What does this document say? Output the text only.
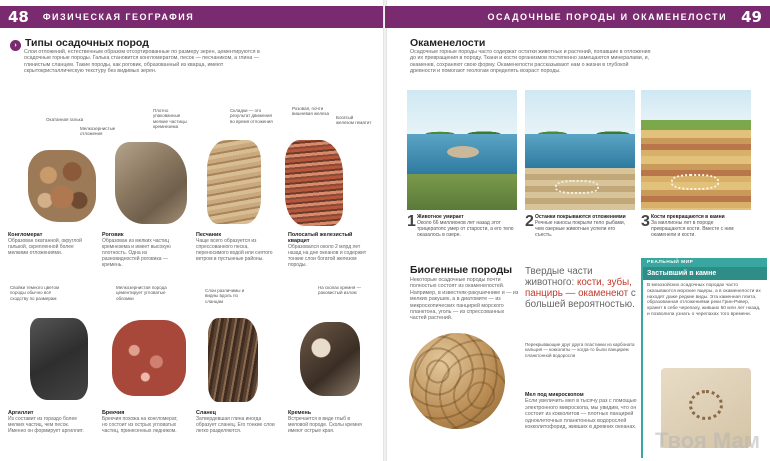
48	ФИЗИЧЕСКАЯ ГЕОГРАФИЯ
› Типы осадочных пород
Слои отложений, естественным образом отсортированные по размеру зерен, цементируются в осадочные горные породы. Галька становится конгломератом, песок — песчаником, а глина — глинистым сланцем. Такие породы, как роговик, образованный из кварца, имеют скрытокристаллическую текстуру без видимых зерен.
Окатанная галька
Мелкозернистые отложения
Плотно упакованные мелкие частицы кремнезема
Складки — это результат движения во время отложения
Розовая, почти вишневая железа
Богатый железом гематит
Конгломерат
Образован окатанной, округлой галькой, скрепленной более мелкими отложениями.
Роговик
Образован из мелких частиц кремнезема и имеет высокую плотность. Одна из разновидностей роговика — кремень.
Песчаник
Чаще всего образуется из спрессованного песка, переносимого водой или снятого ветром в пустынные районы.
Полосатый железистый кварцит
Образовался около 2 млрд лет назад на дне океанов и содержит тонкие слои богатой железом породы.
Свойки темного цветом породы обычно всё сходству по размерам
Мелкозернистая порода цементирует угловатые обломки
Слои различимы и видны вдоль по сланцам
На сколах кремня — раковистый излом
Аргиллит
Из составит из гораздо более мелких частиц, чем песок. Именно он формирует аргиллит.
Брекчия
Брекчия похожа на конгломерат, но состоит из острых угловатых частиц, принесенных ледником.
Сланец
Затвердевшая глина иногда образует сланец. Его тонкие слои легко разделяются.
Кремень
Встречается в виде глыб в меловой породе. Сколы кремня имеют острые края.
ОСАДОЧНЫЕ ПОРОДЫ И ОКАМЕНЕЛОСТИ 49
Окаменелости
Осадочные горные породы часто содержат остатки животных и растений, попавшие в отложения до их превращения в породу. Ткани и кости организмов постепенно замещаются минералами, и, окаменев, сохраняют свою форму. Окаменелости рассказывают нам о жизни в глубокой древности и помогают геологам определять возраст породы.
1 Животное умирает
Около 66 миллионов лет назад этот трицератопс умер от старости, а его тело оказалось в озере.
2 Останки покрываются отложениями
Речные наносы покрыли тело рыбами, чем озерные животные успели его съесть.
3 Кости превращаются в камни
За миллионы лет в породе превращаются кости. Вместе с ним окаменели и кости.
Биогенные породы
Некоторые осадочные породы почти полностью состоят из окаменелостей. Например, в известняк-ракушечнике и — из мелких ракушек, а в диатомите — из микроскопических панцирей морского планктона, уголь — из спрессованных частей растений.
Твердые части животного: кости, зубы, панцирь — окаменеют с большей вероятностью.
Перекрывающие друг друга пластинки из карбоната кальция — кокколиты — когда-то были панцирем планктонной водоросли
Мел под микроскопом
Если увеличить мел в тысячу раз с помощью электронного микроскопа, мы увидим, что он состоит из кокколитов — плотных панцирей одноклеточных планктонных водорослей кокколитофорид, живших в древних океанах.
РЕАЛЬНЫЙ МИР
Застывший в камне
В мезозойских осадочных породах часто оказываются морские ящеры, а в окаменелости их находят даже редкие виды. Эта каменная плита, образованная отложениями реки Грин-Ривер, хранит в себе черепаху, живших 50 млн лет назад, и позволила узнать о черепахах того времени.
Твоя Мам
